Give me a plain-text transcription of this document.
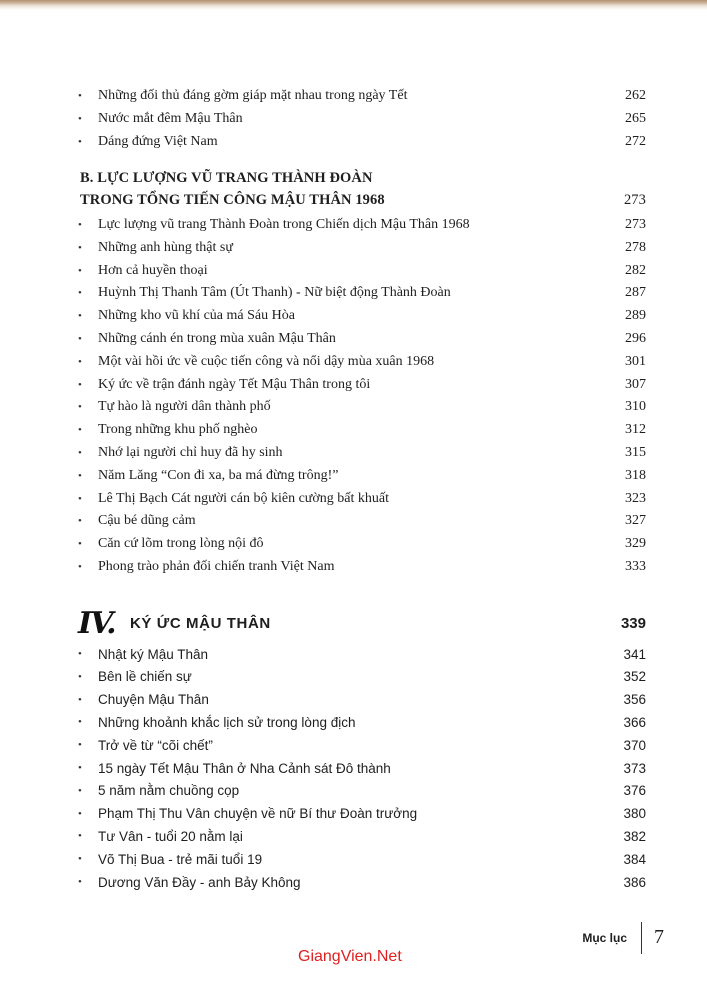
•	Những đối thủ đáng gờm giáp mặt nhau trong ngày Tết	262
•	Nước mắt đêm Mậu Thân	265
•	Dáng đứng Việt Nam	272
B. LỰC LƯỢNG VŨ TRANG THÀNH ĐOÀN
TRONG TỔNG TIẾN CÔNG MẬU THÂN 1968	273
•	Lực lượng vũ trang Thành Đoàn trong Chiến dịch Mậu Thân 1968	273
•	Những anh hùng thật sự	278
•	Hơn cả huyền thoại	282
•	Huỳnh Thị Thanh Tâm (Út Thanh) - Nữ biệt động Thành Đoàn	287
•	Những kho vũ khí của má Sáu Hòa	289
•	Những cánh én trong mùa xuân Mậu Thân	296
•	Một vài hồi ức về cuộc tiến công và nổi dậy mùa xuân 1968	301
•	Ký ức về trận đánh ngày Tết Mậu Thân trong tôi	307
•	Tự hào là người dân thành phố	310
•	Trong những khu phố nghèo	312
•	Nhớ lại người chỉ huy đã hy sinh	315
•	Năm Lăng “Con đi xa, ba má đừng trông!”	318
•	Lê Thị Bạch Cát người cán bộ kiên cường bất khuất	323
•	Cậu bé dũng cảm	327
•	Căn cứ lõm trong lòng nội đô	329
•	Phong trào phản đối chiến tranh Việt Nam	333
IV.	KÝ ỨC MẬU THÂN	339
•	Nhật ký Mậu Thân	341
•	Bên lề chiến sự	352
•	Chuyện Mậu Thân	356
•	Những khoảnh khắc lịch sử trong lòng địch	366
•	Trở về từ “cõi chết”	370
•	15 ngày Tết Mậu Thân ở Nha Cảnh sát Đô thành	373
•	5 năm nằm chuồng cọp	376
•	Phạm Thị Thu Vân chuyện về nữ Bí thư Đoàn trưởng	380
•	Tư Vân - tuổi 20 nằm lại	382
•	Võ Thị Bua - trẻ mãi tuổi 19	384
•	Dương Văn Đầy - anh Bảy Không	386
Mục lục 7
GiangVien.Net
